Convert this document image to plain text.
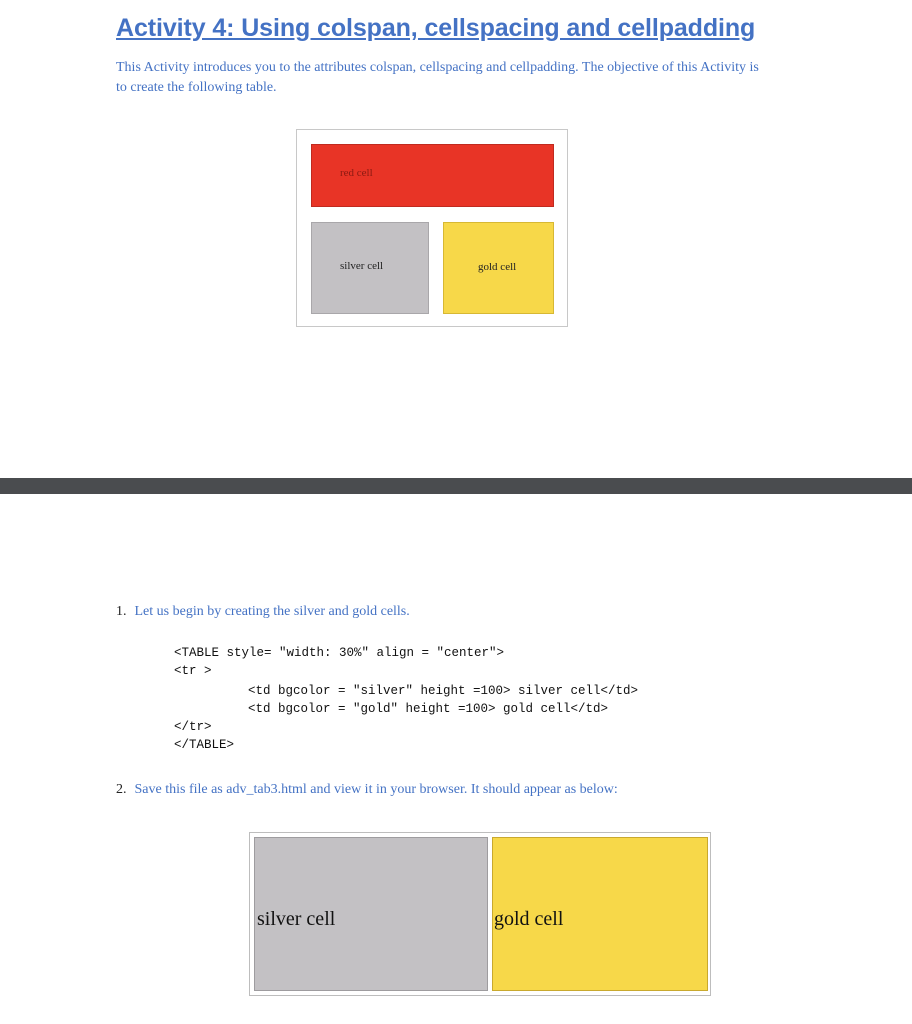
Activity 4: Using colspan, cellspacing and cellpadding

This Activity introduces you to the attributes colspan, cellspacing and cellpadding. The objective of this Activity is to create the following table.

red cell
silver cell	gold cell

1. Let us begin by creating the silver and gold cells.

<TABLE style= "width: 30%" align = "center">
<tr >
<td bgcolor = "silver" height =100> silver cell</td>
<td bgcolor = "gold" height =100> gold cell</td>
</tr>
</TABLE>

2. Save this file as adv_tab3.html and view it in your browser. It should appear as below:

silver cell	gold cell
